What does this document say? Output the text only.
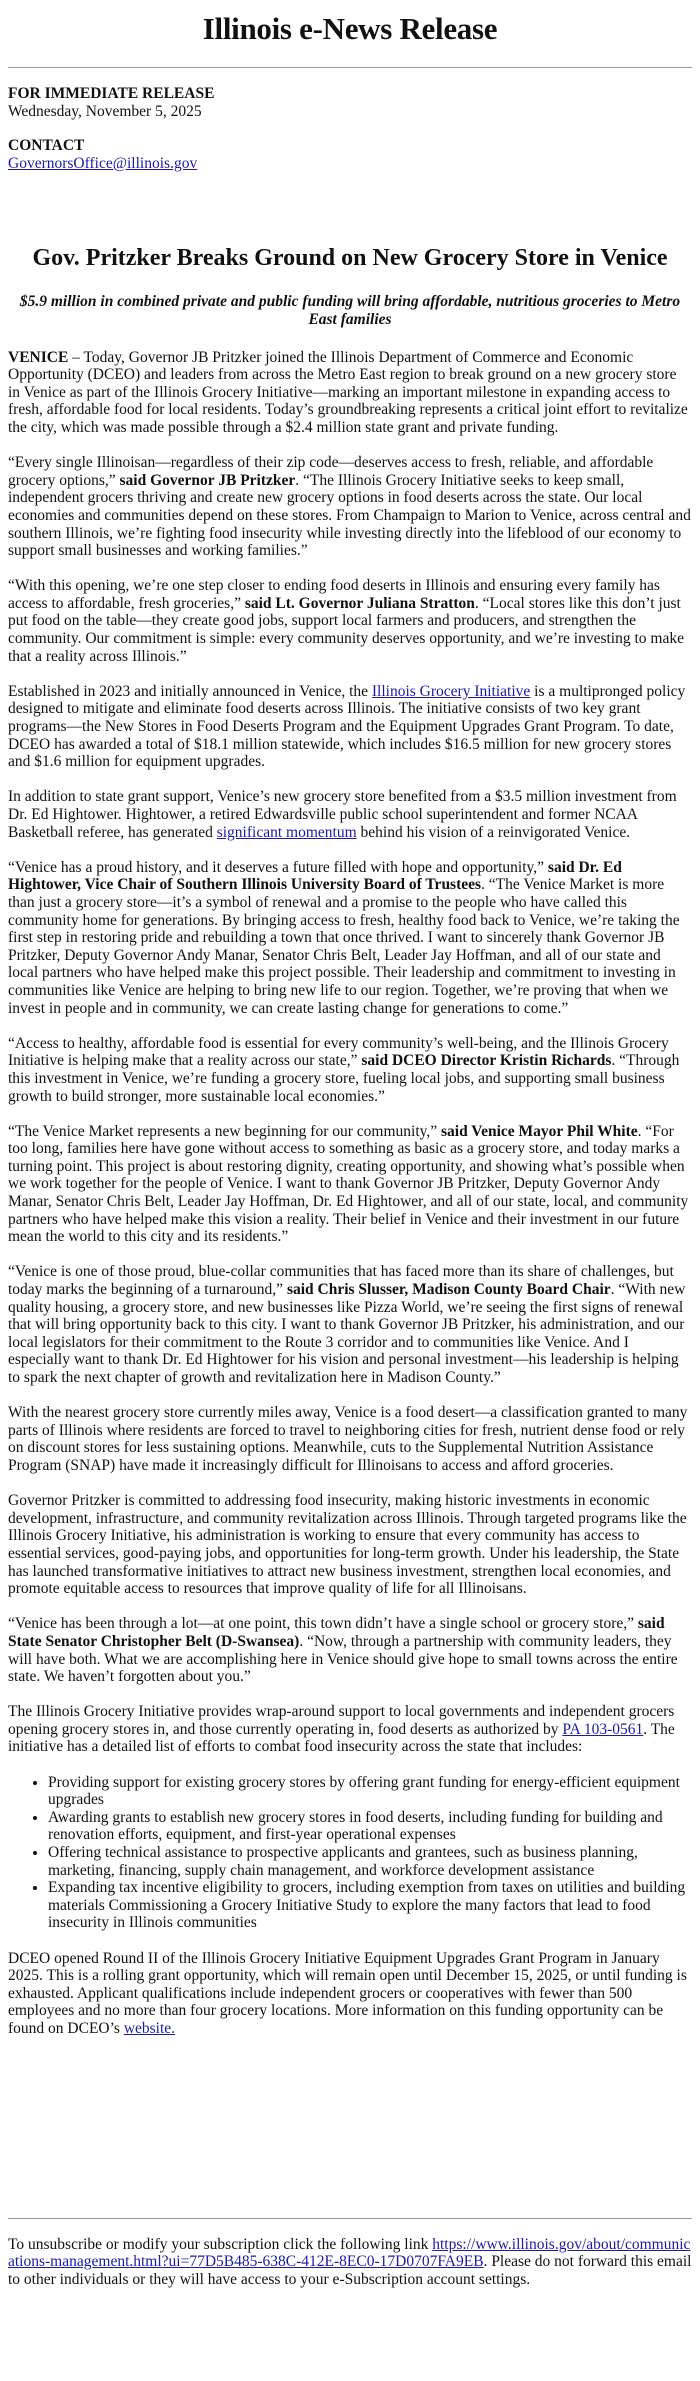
Illinois e-News Release

FOR IMMEDIATE RELEASE

Wednesday, November 5, 2025

CONTACT

GovernorsOffice@illinois.gov

Gov. Pritzker Breaks Ground on New Grocery Store in Venice

$5.9 million in combined private and public funding will bring affordable, nutritious groceries to Metro East families

VENICE – Today, Governor JB Pritzker joined the Illinois Department of Commerce and Economic Opportunity (DCEO) and leaders from across the Metro East region to break ground on a new grocery store in Venice as part of the Illinois Grocery Initiative—marking an important milestone in expanding access to fresh, affordable food for local residents. Today’s groundbreaking represents a critical joint effort to revitalize the city, which was made possible through a $2.4 million state grant and private funding.

“Every single Illinoisan—regardless of their zip code—deserves access to fresh, reliable, and affordable grocery options,” said Governor JB Pritzker. “The Illinois Grocery Initiative seeks to keep small, independent grocers thriving and create new grocery options in food deserts across the state. Our local economies and communities depend on these stores. From Champaign to Marion to Venice, across central and southern Illinois, we’re fighting food insecurity while investing directly into the lifeblood of our economy to support small businesses and working families.”

“With this opening, we’re one step closer to ending food deserts in Illinois and ensuring every family has access to affordable, fresh groceries,” said Lt. Governor Juliana Stratton. “Local stores like this don’t just put food on the table—they create good jobs, support local farmers and producers, and strengthen the community. Our commitment is simple: every community deserves opportunity, and we’re investing to make that a reality across Illinois.”

Established in 2023 and initially announced in Venice, the Illinois Grocery Initiative is a multipronged policy designed to mitigate and eliminate food deserts across Illinois. The initiative consists of two key grant programs—the New Stores in Food Deserts Program and the Equipment Upgrades Grant Program. To date, DCEO has awarded a total of $18.1 million statewide, which includes $16.5 million for new grocery stores and $1.6 million for equipment upgrades.

In addition to state grant support, Venice’s new grocery store benefited from a $3.5 million investment from Dr. Ed Hightower. Hightower, a retired Edwardsville public school superintendent and former NCAA Basketball referee, has generated significant momentum behind his vision of a reinvigorated Venice.

“Venice has a proud history, and it deserves a future filled with hope and opportunity,” said Dr. Ed Hightower, Vice Chair of Southern Illinois University Board of Trustees. “The Venice Market is more than just a grocery store—it’s a symbol of renewal and a promise to the people who have called this community home for generations. By bringing access to fresh, healthy food back to Venice, we’re taking the first step in restoring pride and rebuilding a town that once thrived. I want to sincerely thank Governor JB Pritzker, Deputy Governor Andy Manar, Senator Chris Belt, Leader Jay Hoffman, and all of our state and local partners who have helped make this project possible. Their leadership and commitment to investing in communities like Venice are helping to bring new life to our region. Together, we’re proving that when we invest in people and in community, we can create lasting change for generations to come.”

“Access to healthy, affordable food is essential for every community’s well-being, and the Illinois Grocery Initiative is helping make that a reality across our state,” said DCEO Director Kristin Richards. “Through this investment in Venice, we’re funding a grocery store, fueling local jobs, and supporting small business growth to build stronger, more sustainable local economies.”

“The Venice Market represents a new beginning for our community,” said Venice Mayor Phil White. “For too long, families here have gone without access to something as basic as a grocery store, and today marks a turning point. This project is about restoring dignity, creating opportunity, and showing what’s possible when we work together for the people of Venice. I want to thank Governor JB Pritzker, Deputy Governor Andy Manar, Senator Chris Belt, Leader Jay Hoffman, Dr. Ed Hightower, and all of our state, local, and community partners who have helped make this vision a reality. Their belief in Venice and their investment in our future mean the world to this city and its residents.”

“Venice is one of those proud, blue-collar communities that has faced more than its share of challenges, but today marks the beginning of a turnaround,” said Chris Slusser, Madison County Board Chair. “With new quality housing, a grocery store, and new businesses like Pizza World, we’re seeing the first signs of renewal that will bring opportunity back to this city. I want to thank Governor JB Pritzker, his administration, and our local legislators for their commitment to the Route 3 corridor and to communities like Venice. And I especially want to thank Dr. Ed Hightower for his vision and personal investment—his leadership is helping to spark the next chapter of growth and revitalization here in Madison County.”

With the nearest grocery store currently miles away, Venice is a food desert—a classification granted to many parts of Illinois where residents are forced to travel to neighboring cities for fresh, nutrient dense food or rely on discount stores for less sustaining options. Meanwhile, cuts to the Supplemental Nutrition Assistance Program (SNAP) have made it increasingly difficult for Illinoisans to access and afford groceries.

Governor Pritzker is committed to addressing food insecurity, making historic investments in economic development, infrastructure, and community revitalization across Illinois. Through targeted programs like the Illinois Grocery Initiative, his administration is working to ensure that every community has access to essential services, good-paying jobs, and opportunities for long-term growth. Under his leadership, the State has launched transformative initiatives to attract new business investment, strengthen local economies, and promote equitable access to resources that improve quality of life for all Illinoisans.

“Venice has been through a lot—at one point, this town didn’t have a single school or grocery store,” said State Senator Christopher Belt (D-Swansea). “Now, through a partnership with community leaders, they will have both. What we are accomplishing here in Venice should give hope to small towns across the entire state. We haven’t forgotten about you.”

The Illinois Grocery Initiative provides wrap-around support to local governments and independent grocers opening grocery stores in, and those currently operating in, food deserts as authorized by PA 103-0561. The initiative has a detailed list of efforts to combat food insecurity across the state that includes:

• Providing support for existing grocery stores by offering grant funding for energy-efficient equipment upgrades
• Awarding grants to establish new grocery stores in food deserts, including funding for building and renovation efforts, equipment, and first-year operational expenses
• Offering technical assistance to prospective applicants and grantees, such as business planning, marketing, financing, supply chain management, and workforce development assistance
• Expanding tax incentive eligibility to grocers, including exemption from taxes on utilities and building materials Commissioning a Grocery Initiative Study to explore the many factors that lead to food insecurity in Illinois communities

DCEO opened Round II of the Illinois Grocery Initiative Equipment Upgrades Grant Program in January 2025. This is a rolling grant opportunity, which will remain open until December 15, 2025, or until funding is exhausted. Applicant qualifications include independent grocers or cooperatives with fewer than 500 employees and no more than four grocery locations. More information on this funding opportunity can be found on DCEO’s website.

To unsubscribe or modify your subscription click the following link https://www.illinois.gov/about/communications-management.html?ui=77D5B485-638C-412E-8EC0-17D0707FA9EB. Please do not forward this email to other individuals or they will have access to your e-Subscription account settings.
